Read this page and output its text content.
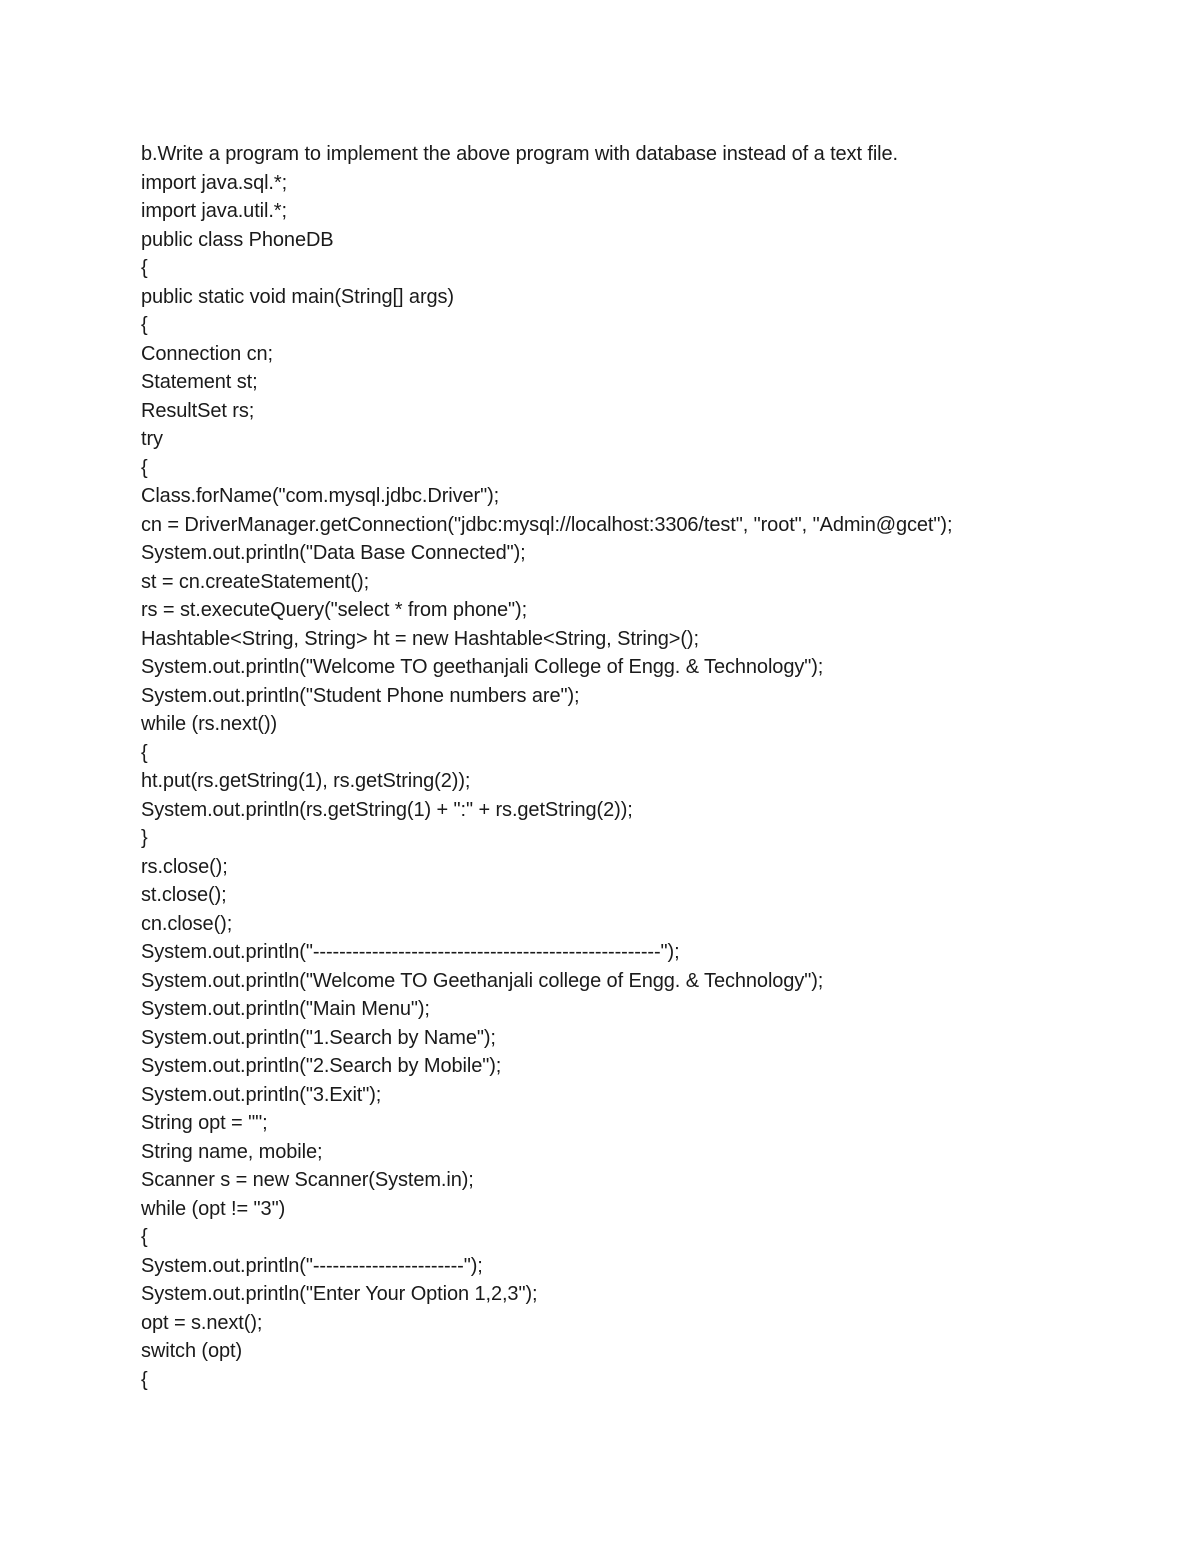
b.Write a program to implement the above program with database instead of a text file.
import java.sql.*;
import java.util.*;
public class PhoneDB
{
public static void main(String[] args)
{
Connection cn;
Statement st;
ResultSet rs;
try
{
Class.forName("com.mysql.jdbc.Driver");
cn = DriverManager.getConnection("jdbc:mysql://localhost:3306/test", "root", "Admin@gcet");
System.out.println("Data Base Connected");
st = cn.createStatement();
rs = st.executeQuery("select * from phone");
Hashtable<String, String> ht = new Hashtable<String, String>();
System.out.println("Welcome TO geethanjali College of Engg. & Technology");
System.out.println("Student Phone numbers are");
while (rs.next())
{
ht.put(rs.getString(1), rs.getString(2));
System.out.println(rs.getString(1) + ":" + rs.getString(2));
}
rs.close();
st.close();
cn.close();
System.out.println("-----------------------------------------------------");
System.out.println("Welcome TO Geethanjali college of Engg. & Technology");
System.out.println("Main Menu");
System.out.println("1.Search by Name");
System.out.println("2.Search by Mobile");
System.out.println("3.Exit");
String opt = "";
String name, mobile;
Scanner s = new Scanner(System.in);
while (opt != "3")
{
System.out.println("-----------------------");
System.out.println("Enter Your Option 1,2,3");
opt = s.next();
switch (opt)
{
